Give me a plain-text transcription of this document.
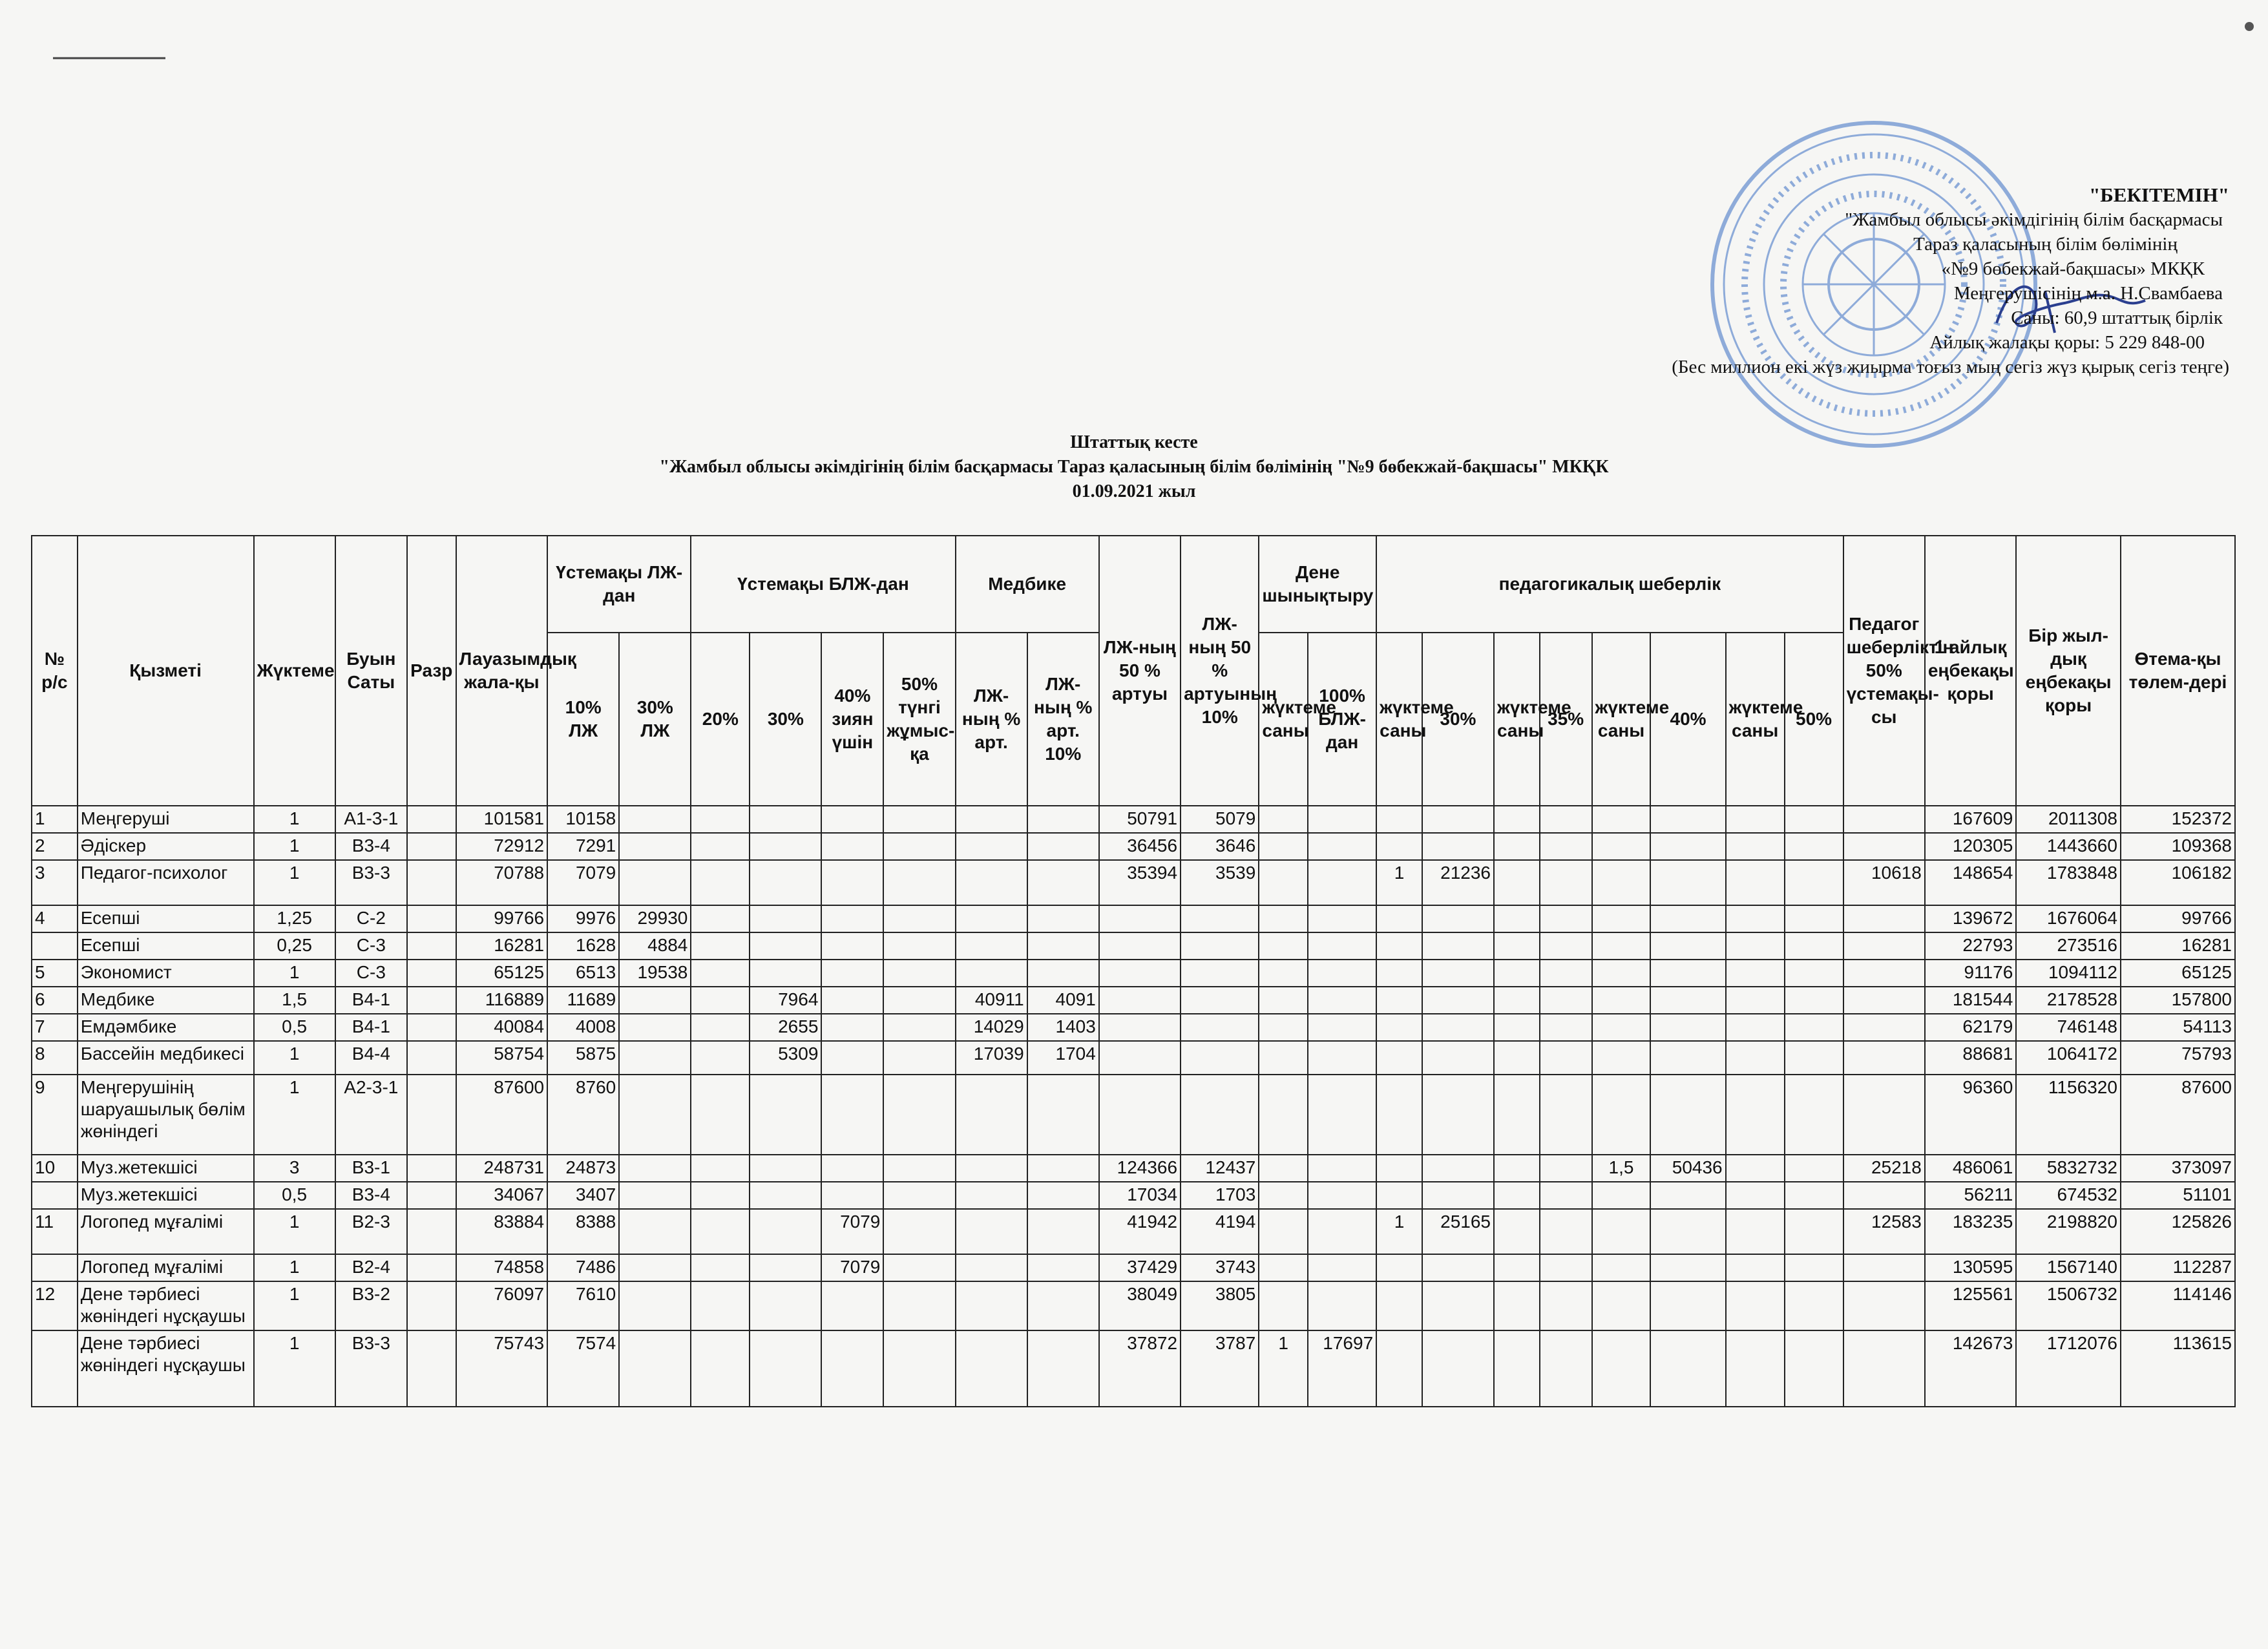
"БЕКІТЕМІН"
"Жамбыл облысы әкімдігінің білім басқармасы
Тараз қаласының білім бөлімінің
«№9 бөбекжай-бақшасы» МКҚК
Меңгерушісінің м.а. Н.Свамбаева
Саны: 60,9 штаттық бірлік
Айлық жалақы қоры: 5 229 848-00
(Бес миллион екі жүз жиырма тоғыз мың сегіз жүз қырық сегіз теңге)
Штаттық кесте
"Жамбыл облысы әкімдігінің білім басқармасы Тараз қаласының білім бөлімінің "№9 бөбекжай-бақшасы" МКҚК
01.09.2021 жыл
№ р/с	Қызметі	Жүктеме	Буын Саты	Разр	Лауазымдық жала-қы	Үстемақы ЛЖ-дан		Үстемақы БЛЖ-дан				Медбике		ЛЖ-ның 50 % артуы	ЛЖ-ның 50 % артуының 10%	Дене шынықтыру		педагогикалық шеберлік								Педагог шеберліктін 50% үстемақы-сы	1 айлық еңбекақы қоры	Бір жыл-дық еңбекақы қоры	Өтема-қы төлем-дері
						10% ЛЖ	30% ЛЖ	20%	30%	40% зиян үшін	50% түнгі жұмыс-қа	ЛЖ-ның % арт.	ЛЖ-ның % арт. 10%			жүктеме саны	100% БЛЖ-дан	жүктеме саны	30%	жүктеме саны	35%	жүктеме саны	40%	жүктеме саны	50%				
1	Меңгеруші	1	А1-3-1		101581	10158								50791	5079												167609	2011308	152372
2	Әдіскер	1	В3-4		72912	7291								36456	3646												120305	1443660	109368
3	Педагог-психолог	1	В3-3		70788	7079								35394	3539			1	21236							10618	148654	1783848	106182
4	Есепші	1,25	С-2		99766	9976	29930																				139672	1676064	99766
	Есепші	0,25	С-3		16281	1628	4884																				22793	273516	16281
5	Экономист	1	С-3		65125	6513	19538																				91176	1094112	65125
6	Медбике	1,5	В4-1		116889	11689			7964			40911	4091														181544	2178528	157800
7	Емдәмбике	0,5	В4-1		40084	4008			2655			14029	1403														62179	746148	54113
8	Бассейін медбикесі	1	В4-4		58754	5875			5309			17039	1704														88681	1064172	75793
9	Меңгерушінің шаруашылық бөлім жөніндегі	1	А2-3-1		87600	8760																					96360	1156320	87600
10	Муз.жетекшісі	3	В3-1		248731	24873								124366	12437							1,5	50436			25218	486061	5832732	373097
	Муз.жетекшісі	0,5	В3-4		34067	3407								17034	1703												56211	674532	51101
11	Логопед мұғалімі	1	В2-3		83884	8388				7079				41942	4194			1	25165							12583	183235	2198820	125826
	Логопед мұғалімі	1	В2-4		74858	7486				7079				37429	3743												130595	1567140	112287
12	Дене тәрбиесі жөніндегі нұсқаушы	1	В3-2		76097	7610								38049	3805												125561	1506732	114146
	Дене тәрбиесі жөніндегі нұсқаушы	1	В3-3		75743	7574								37872	3787	1	17697										142673	1712076	113615
